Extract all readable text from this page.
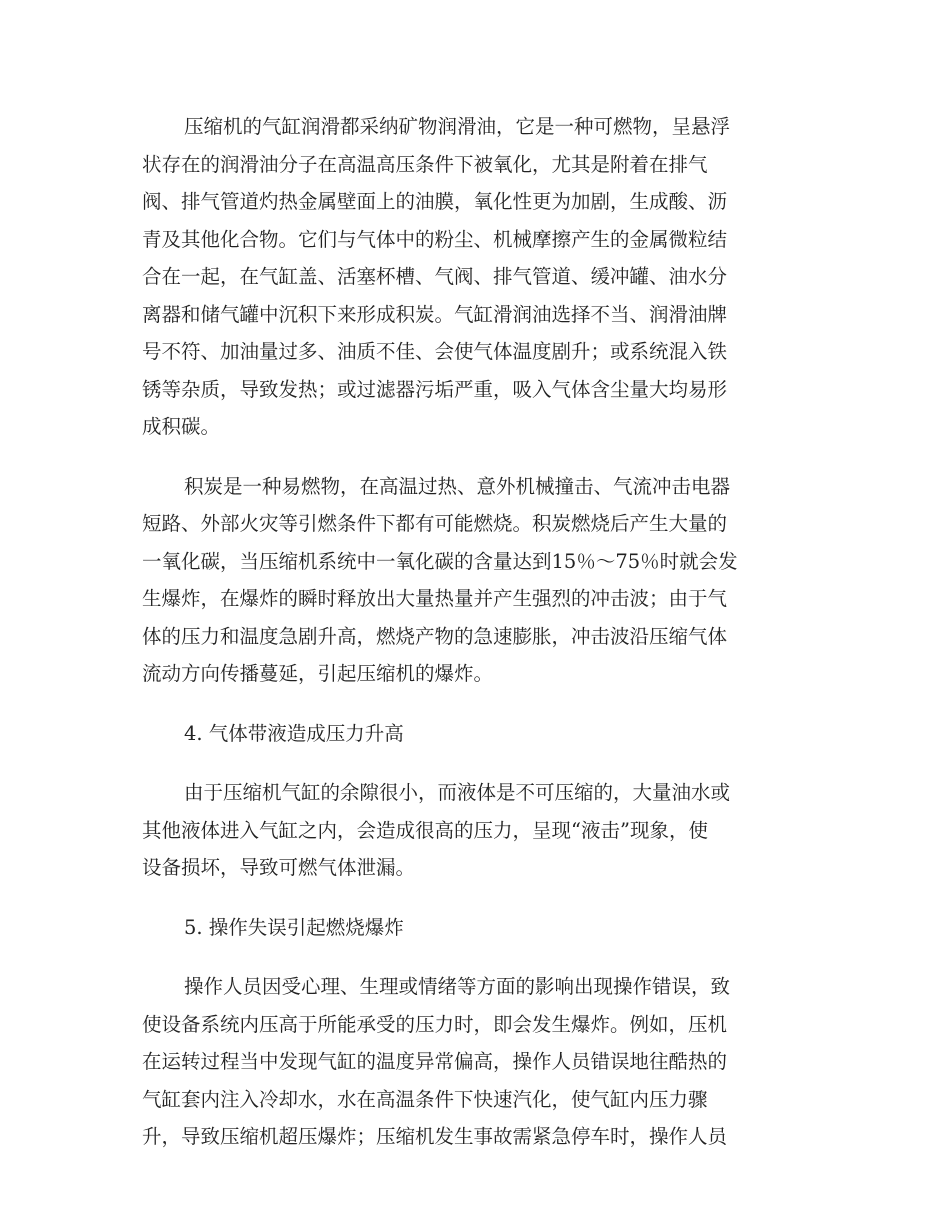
压缩机的气缸润滑都采纳矿物润滑油，它是一种可燃物，呈悬浮
状存在的润滑油分子在高温高压条件下被氧化，尤其是附着在排气
阀、排气管道灼热金属壁面上的油膜，氧化性更为加剧，生成酸、沥
青及其他化合物。它们与气体中的粉尘、机械摩擦产生的金属微粒结
合在一起，在气缸盖、活塞杯槽、气阀、排气管道、缓冲罐、油水分
离器和储气罐中沉积下来形成积炭。气缸滑润油选择不当、润滑油牌
号不符、加油量过多、油质不佳、会使气体温度剧升；或系统混入铁
锈等杂质，导致发热；或过滤器污垢严重，吸入气体含尘量大均易形
成积碳。
积炭是一种易燃物，在高温过热、意外机械撞击、气流冲击电器
短路、外部火灾等引燃条件下都有可能燃烧。积炭燃烧后产生大量的
一氧化碳，当压缩机系统中一氧化碳的含量达到15％～75％时就会发
生爆炸，在爆炸的瞬时释放出大量热量并产生强烈的冲击波；由于气
体的压力和温度急剧升高，燃烧产物的急速膨胀，冲击波沿压缩气体
流动方向传播蔓延，引起压缩机的爆炸。
4. 气体带液造成压力升高
由于压缩机气缸的余隙很小，而液体是不可压缩的，大量油水或
其他液体进入气缸之内，会造成很高的压力，呈现“液击”现象，使
设备损坏，导致可燃气体泄漏。
5. 操作失误引起燃烧爆炸
操作人员因受心理、生理或情绪等方面的影响出现操作错误，致
使设备系统内压高于所能承受的压力时，即会发生爆炸。例如，压机
在运转过程当中发现气缸的温度异常偏高，操作人员错误地往酷热的
气缸套内注入冷却水，水在高温条件下快速汽化，使气缸内压力骤
升，导致压缩机超压爆炸；压缩机发生事故需紧急停车时，操作人员
